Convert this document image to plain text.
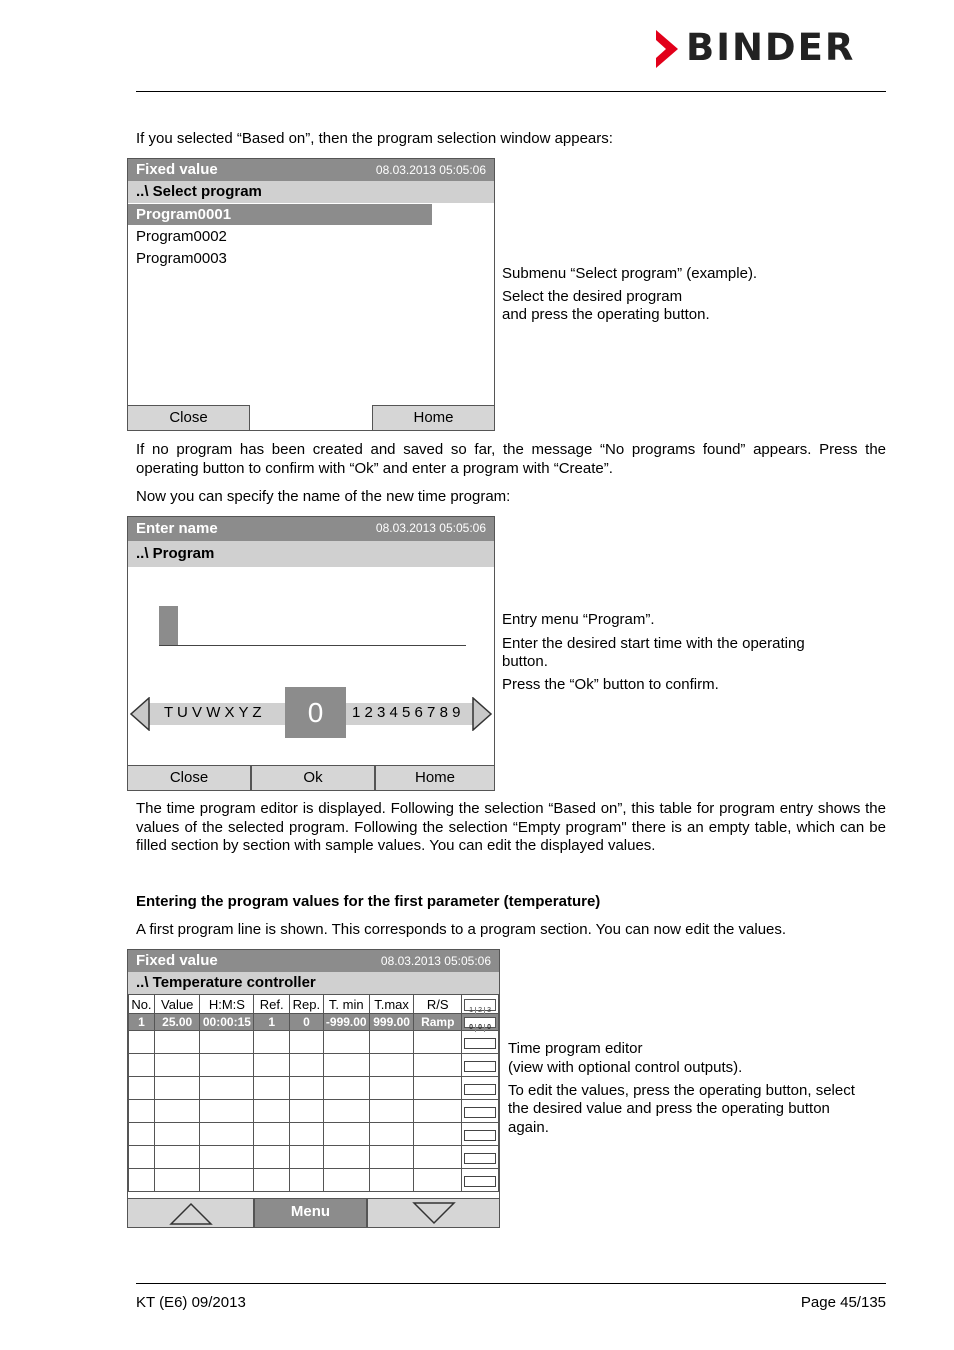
BINDER
If you selected “Based on”, then the program selection window appears:
Fixed value	08.03.2013 05:05:06
..\ Select program
Program0001
Program0002
Program0003
Close	Home
Submenu “Select program” (example).
Select the desired program
and press the operating button.
If no program has been created and saved so far, the message “No programs found” appears. Press the operating button to confirm with “Ok” and enter a program with “Create”.
Now you can specify the name of the new time program:
Enter name	08.03.2013 05:05:06
..\ Program
T U V W X Y Z	0	1 2 3 4 5 6 7 8 9
Close	Ok	Home
Entry menu “Program”.
Enter the desired start time with the operating
button.
Press the “Ok” button to confirm.
The time program editor is displayed. Following the selection “Based on”, this table for program entry shows the values of the selected program. Following the selection “Empty program" there is an empty table, which can be filled section by section with sample values. You can edit the displayed values.
Entering the program values for the first parameter (temperature)
A first program line is shown. This corresponds to a program section. You can now edit the values.
Fixed value	08.03.2013 05:05:06
..\ Temperature controller
No.	Value	H:M:S	Ref.	Rep.	T. min	T.max	R/S	1 2 3
1	25.00	00:00:15	1	0	-999.00	999.00	Ramp	0 0 0

Menu
Time program editor
(view with optional control outputs).
To edit the values, press the operating button, select
the desired value and press the operating button
again.
KT (E6) 09/2013	Page 45/135
